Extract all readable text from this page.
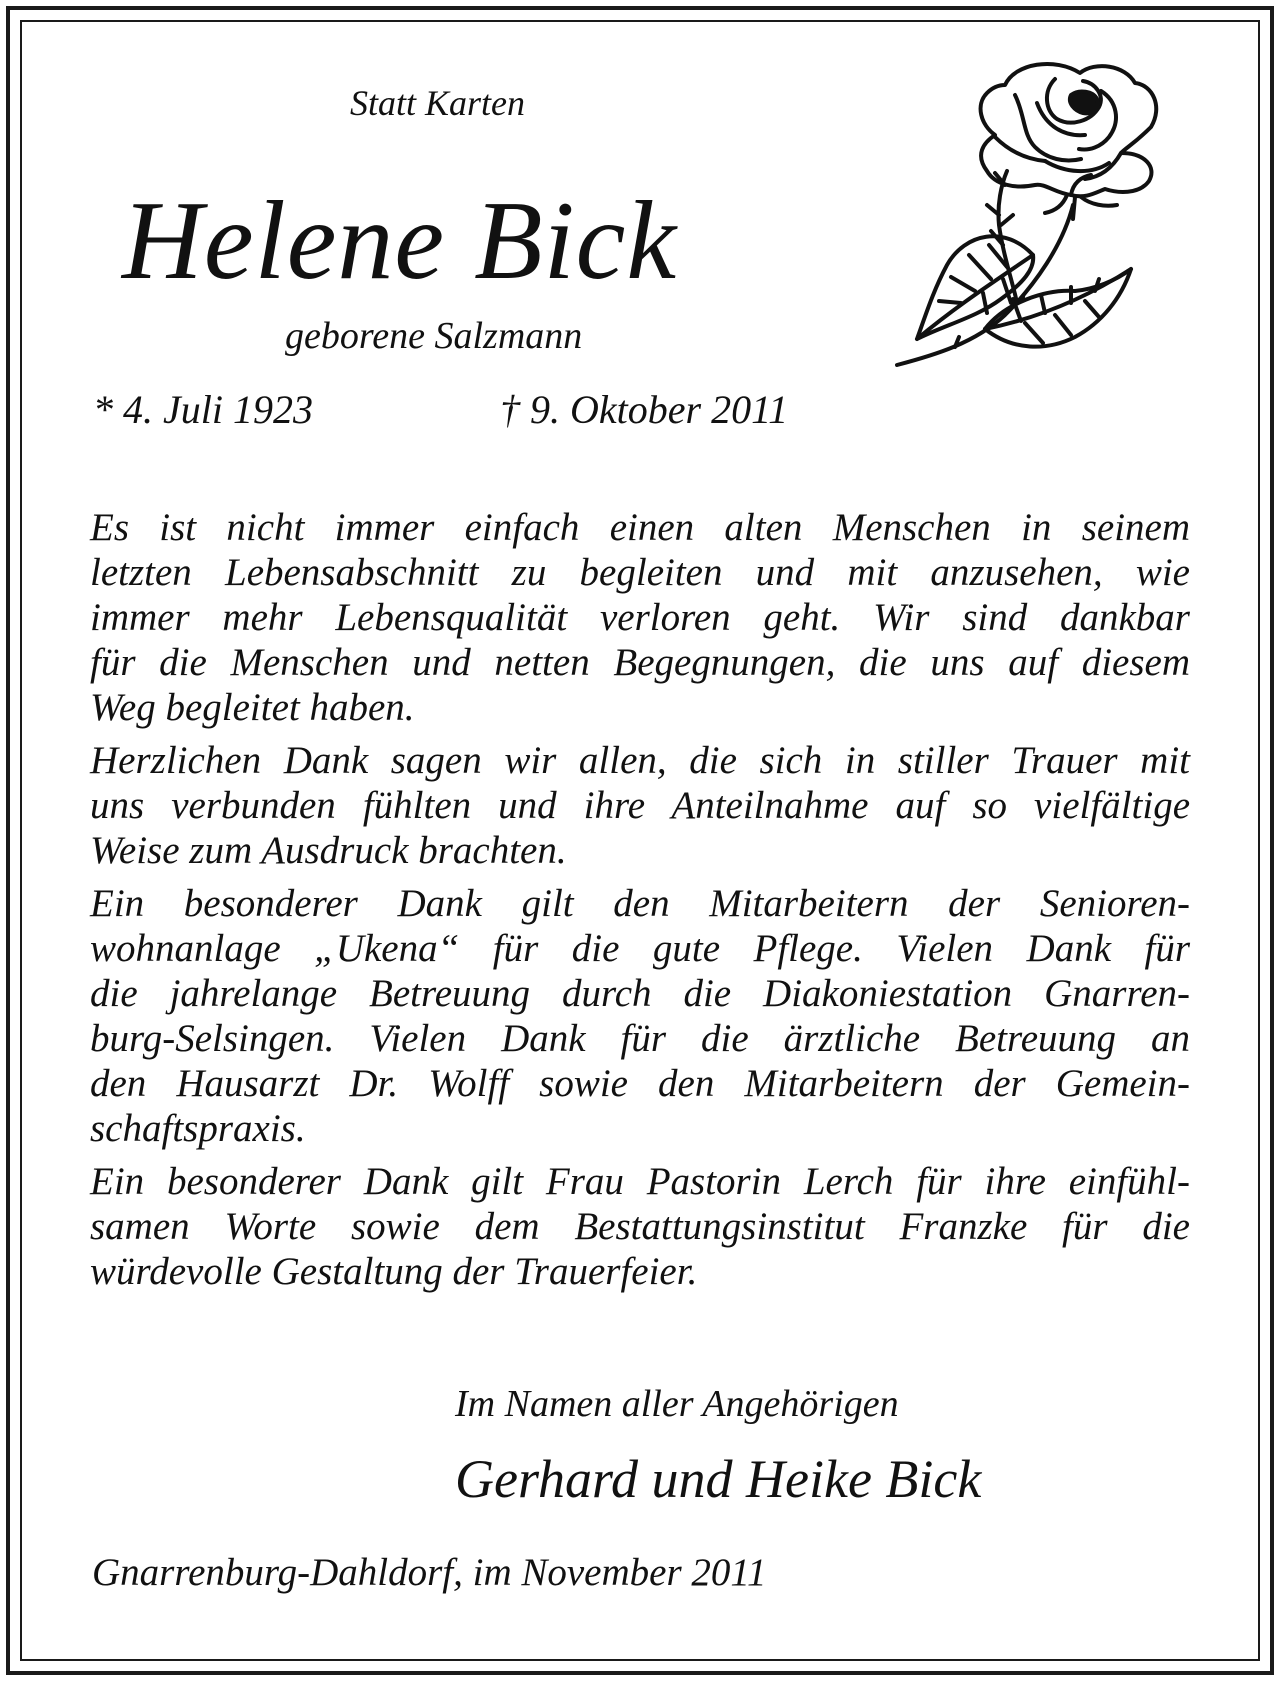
Statt Karten
Helene Bick
geborene Salzmann
* 4. Juli 1923	† 9. Oktober 2011

Es ist nicht immer einfach einen alten Menschen in seinem
letzten Lebensabschnitt zu begleiten und mit anzusehen, wie
immer mehr Lebensqualität verloren geht. Wir sind dankbar
für die Menschen und netten Begegnungen, die uns auf diesem
Weg begleitet haben.

Herzlichen Dank sagen wir allen, die sich in stiller Trauer mit
uns verbunden fühlten und ihre Anteilnahme auf so vielfältige
Weise zum Ausdruck brachten.

Ein besonderer Dank gilt den Mitarbeitern der Senioren-
wohnanlage „Ukena“ für die gute Pflege. Vielen Dank für
die jahrelange Betreuung durch die Diakoniestation Gnarren-
burg-Selsingen. Vielen Dank für die ärztliche Betreuung an
den Hausarzt Dr. Wolff sowie den Mitarbeitern der Gemein-
schaftspraxis.

Ein besonderer Dank gilt Frau Pastorin Lerch für ihre einfühl-
samen Worte sowie dem Bestattungsinstitut Franzke für die
würdevolle Gestaltung der Trauerfeier.

Im Namen aller Angehörigen
Gerhard und Heike Bick
Gnarrenburg-Dahldorf, im November 2011
